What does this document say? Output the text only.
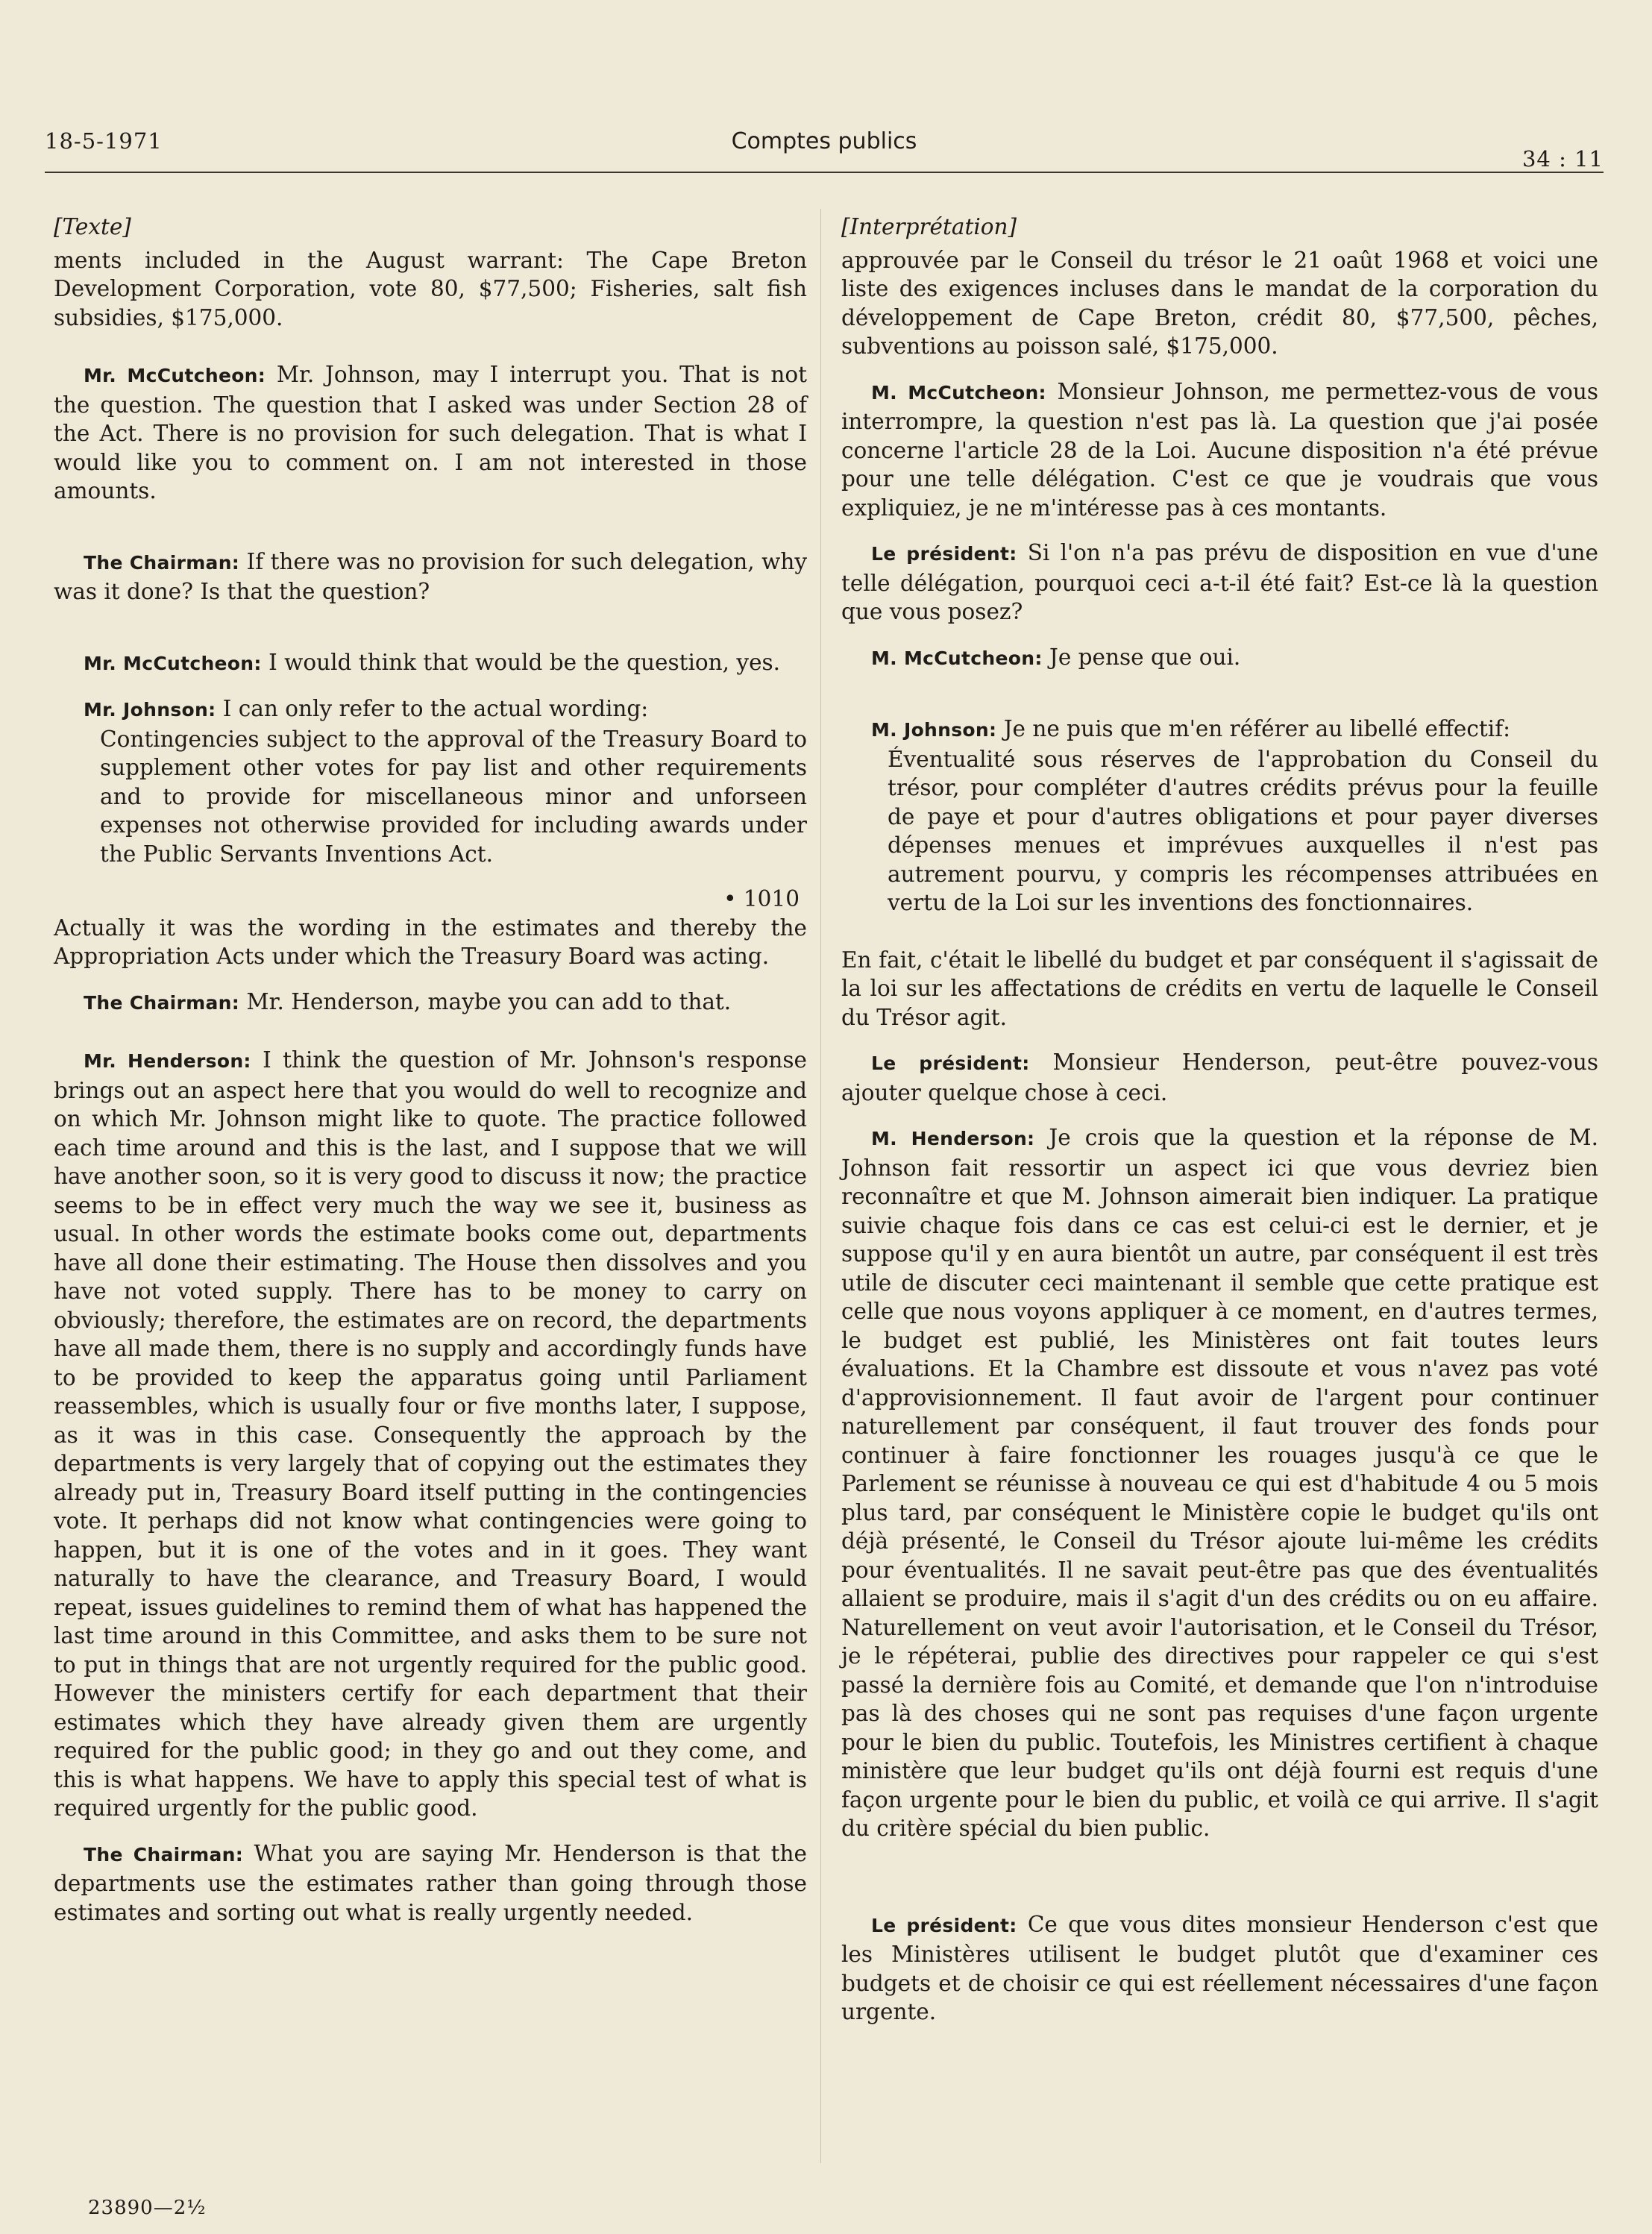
18-5-1971	Comptes publics
34 : 11
[Texte]

ments included in the August warrant: The Cape Breton Development Corporation, vote 80, $77,500; Fisheries, salt fish subsidies, $175,000.

Mr. McCutcheon: Mr. Johnson, may I interrupt you. That is not the question. The question that I asked was under Section 28 of the Act. There is no provision for such delegation. That is what I would like you to comment on. I am not interested in those amounts.

The Chairman: If there was no provision for such delegation, why was it done? Is that the question?

Mr. McCutcheon: I would think that would be the question, yes.

Mr. Johnson: I can only refer to the actual wording:

Contingencies subject to the approval of the Treasury Board to supplement other votes for pay list and other requirements and to provide for miscellaneous minor and unforseen expenses not otherwise provided for including awards under the Public Servants Inventions Act.

• 1010

Actually it was the wording in the estimates and thereby the Appropriation Acts under which the Treasury Board was acting.

The Chairman: Mr. Henderson, maybe you can add to that.

Mr. Henderson: I think the question of Mr. Johnson's response brings out an aspect here that you would do well to recognize and on which Mr. Johnson might like to quote. The practice followed each time around and this is the last, and I suppose that we will have another soon, so it is very good to discuss it now; the practice seems to be in effect very much the way we see it, business as usual. In other words the estimate books come out, departments have all done their estimating. The House then dissolves and you have not voted supply. There has to be money to carry on obviously; therefore, the estimates are on record, the departments have all made them, there is no supply and accordingly funds have to be provided to keep the apparatus going until Parliament reassembles, which is usually four or five months later, I suppose, as it was in this case. Consequently the approach by the departments is very largely that of copying out the estimates they already put in, Treasury Board itself putting in the contingencies vote. It perhaps did not know what contingencies were going to happen, but it is one of the votes and in it goes. They want naturally to have the clearance, and Treasury Board, I would repeat, issues guidelines to remind them of what has happened the last time around in this Committee, and asks them to be sure not to put in things that are not urgently required for the public good. However the ministers certify for each department that their estimates which they have already given them are urgently required for the public good; in they go and out they come, and this is what happens. We have to apply this special test of what is required urgently for the public good.

The Chairman: What you are saying Mr. Henderson is that the departments use the estimates rather than going through those estimates and sorting out what is really urgently needed.

[Interprétation]

approuvée par le Conseil du trésor le 21 oaût 1968 et voici une liste des exigences incluses dans le mandat de la corporation du développement de Cape Breton, crédit 80, $77,500, pêches, subventions au poisson salé, $175,000.

M. McCutcheon: Monsieur Johnson, me permettez-vous de vous interrompre, la question n'est pas là. La question que j'ai posée concerne l'article 28 de la Loi. Aucune disposition n'a été prévue pour une telle délégation. C'est ce que je voudrais que vous expliquiez, je ne m'intéresse pas à ces montants.

Le président: Si l'on n'a pas prévu de disposition en vue d'une telle délégation, pourquoi ceci a-t-il été fait? Est-ce là la question que vous posez?

M. McCutcheon: Je pense que oui.

M. Johnson: Je ne puis que m'en référer au libellé effectif:

Éventualité sous réserves de l'approbation du Conseil du trésor, pour compléter d'autres crédits prévus pour la feuille de paye et pour d'autres obligations et pour payer diverses dépenses menues et imprévues auxquelles il n'est pas autrement pourvu, y compris les récompenses attribuées en vertu de la Loi sur les inventions des fonctionnaires.

En fait, c'était le libellé du budget et par conséquent il s'agissait de la loi sur les affectations de crédits en vertu de laquelle le Conseil du Trésor agit.

Le président: Monsieur Henderson, peut-être pouvez-vous ajouter quelque chose à ceci.

M. Henderson: Je crois que la question et la réponse de M. Johnson fait ressortir un aspect ici que vous devriez bien reconnaître et que M. Johnson aimerait bien indiquer. La pratique suivie chaque fois dans ce cas est celui-ci est le dernier, et je suppose qu'il y en aura bientôt un autre, par conséquent il est très utile de discuter ceci maintenant il semble que cette pratique est celle que nous voyons appliquer à ce moment, en d'autres termes, le budget est publié, les Ministères ont fait toutes leurs évaluations. Et la Chambre est dissoute et vous n'avez pas voté d'approvisionnement. Il faut avoir de l'argent pour continuer naturellement par conséquent, il faut trouver des fonds pour continuer à faire fonctionner les rouages jusqu'à ce que le Parlement se réunisse à nouveau ce qui est d'habitude 4 ou 5 mois plus tard, par conséquent le Ministère copie le budget qu'ils ont déjà présenté, le Conseil du Trésor ajoute lui-même les crédits pour éventualités. Il ne savait peut-être pas que des éventualités allaient se produire, mais il s'agit d'un des crédits ou on eu affaire. Naturellement on veut avoir l'autorisation, et le Conseil du Trésor, je le répéterai, publie des directives pour rappeler ce qui s'est passé la dernière fois au Comité, et demande que l'on n'introduise pas là des choses qui ne sont pas requises d'une façon urgente pour le bien du public. Toutefois, les Ministres certifient à chaque ministère que leur budget qu'ils ont déjà fourni est requis d'une façon urgente pour le bien du public, et voilà ce qui arrive. Il s'agit du critère spécial du bien public.

Le président: Ce que vous dites monsieur Henderson c'est que les Ministères utilisent le budget plutôt que d'examiner ces budgets et de choisir ce qui est réellement nécessaires d'une façon urgente.

23890—2½
